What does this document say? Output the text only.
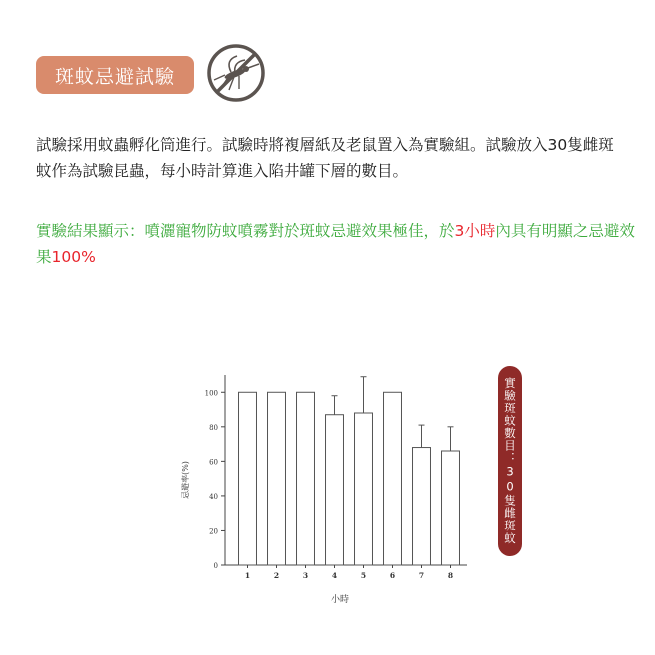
斑蚊忌避試驗
試驗採用蚊蟲孵化筒進行。試驗時將複層紙及老鼠置入為實驗組。試驗放入30隻雌斑蚊作為試驗昆蟲，每小時計算進入陷井罐下層的數目。
實驗結果顯示：噴灑寵物防蚊噴霧對於斑蚊忌避效果極佳，於3小時內具有明顯之忌避效果100%
忌避率(%)
小時
0
20
40
60
80
100
1	2	3	4	5	6	7	8
實驗斑蚊數目：30隻雌斑蚊
